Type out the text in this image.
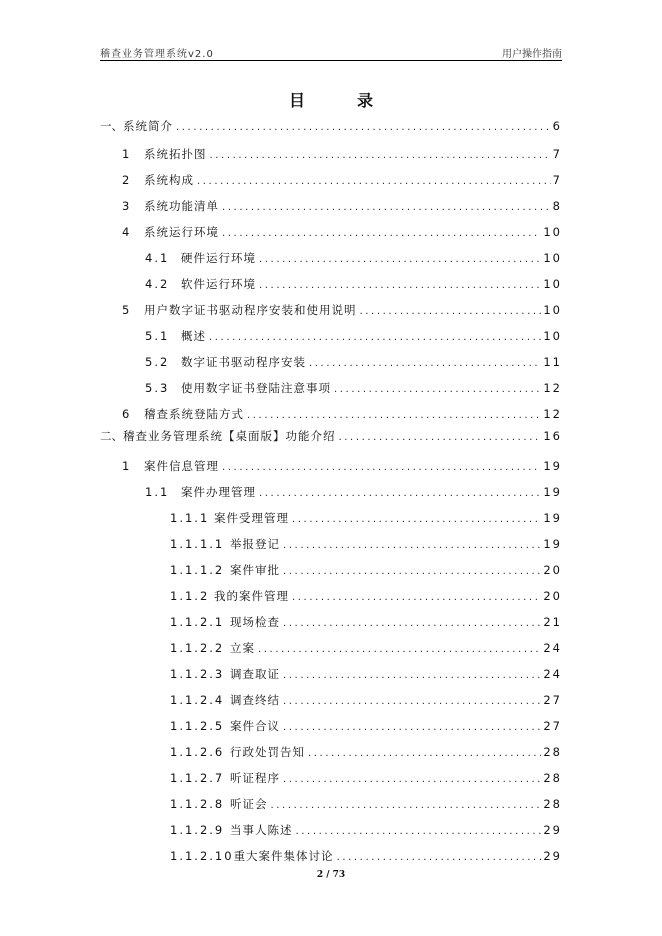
稽查业务管理系统v2.0	用户操作指南
目　录
一、 系统简介 .....	6
1	系统拓扑图 .....	7
2	系统构成 .....	7
3	系统功能清单 .....	8
4	系统运行环境 .....	10
4.1	硬件运行环境 .....	10
4.2	软件运行环境 .....	10
5	用户数字证书驱动程序安装和使用说明 .....	10
5.1	概述 .....	10
5.2	数字证书驱动程序安装 .....	11
5.3	使用数字证书登陆注意事项 .....	12
6	稽查系统登陆方式 .....	12
二、 稽查业务管理系统【桌面版】功能介绍 .....	16
1	案件信息管理 .....	19
1.1	案件办理管理 .....	19
1.1.1 案件受理管理 .....	19
1.1.1.1 举报登记 .....	19
1.1.1.2 案件审批 .....	20
1.1.2 我的案件管理 .....	20
1.1.2.1 现场检查 .....	21
1.1.2.2 立案 .....	24
1.1.2.3 调查取证 .....	24
1.1.2.4 调查终结 .....	27
1.1.2.5 案件合议 .....	27
1.1.2.6 行政处罚告知 .....	28
1.1.2.7 听证程序 .....	28
1.1.2.8 听证会 .....	28
1.1.2.9 当事人陈述 .....	29
1.1.2.10 重大案件集体讨论 .....	29
2 / 73
